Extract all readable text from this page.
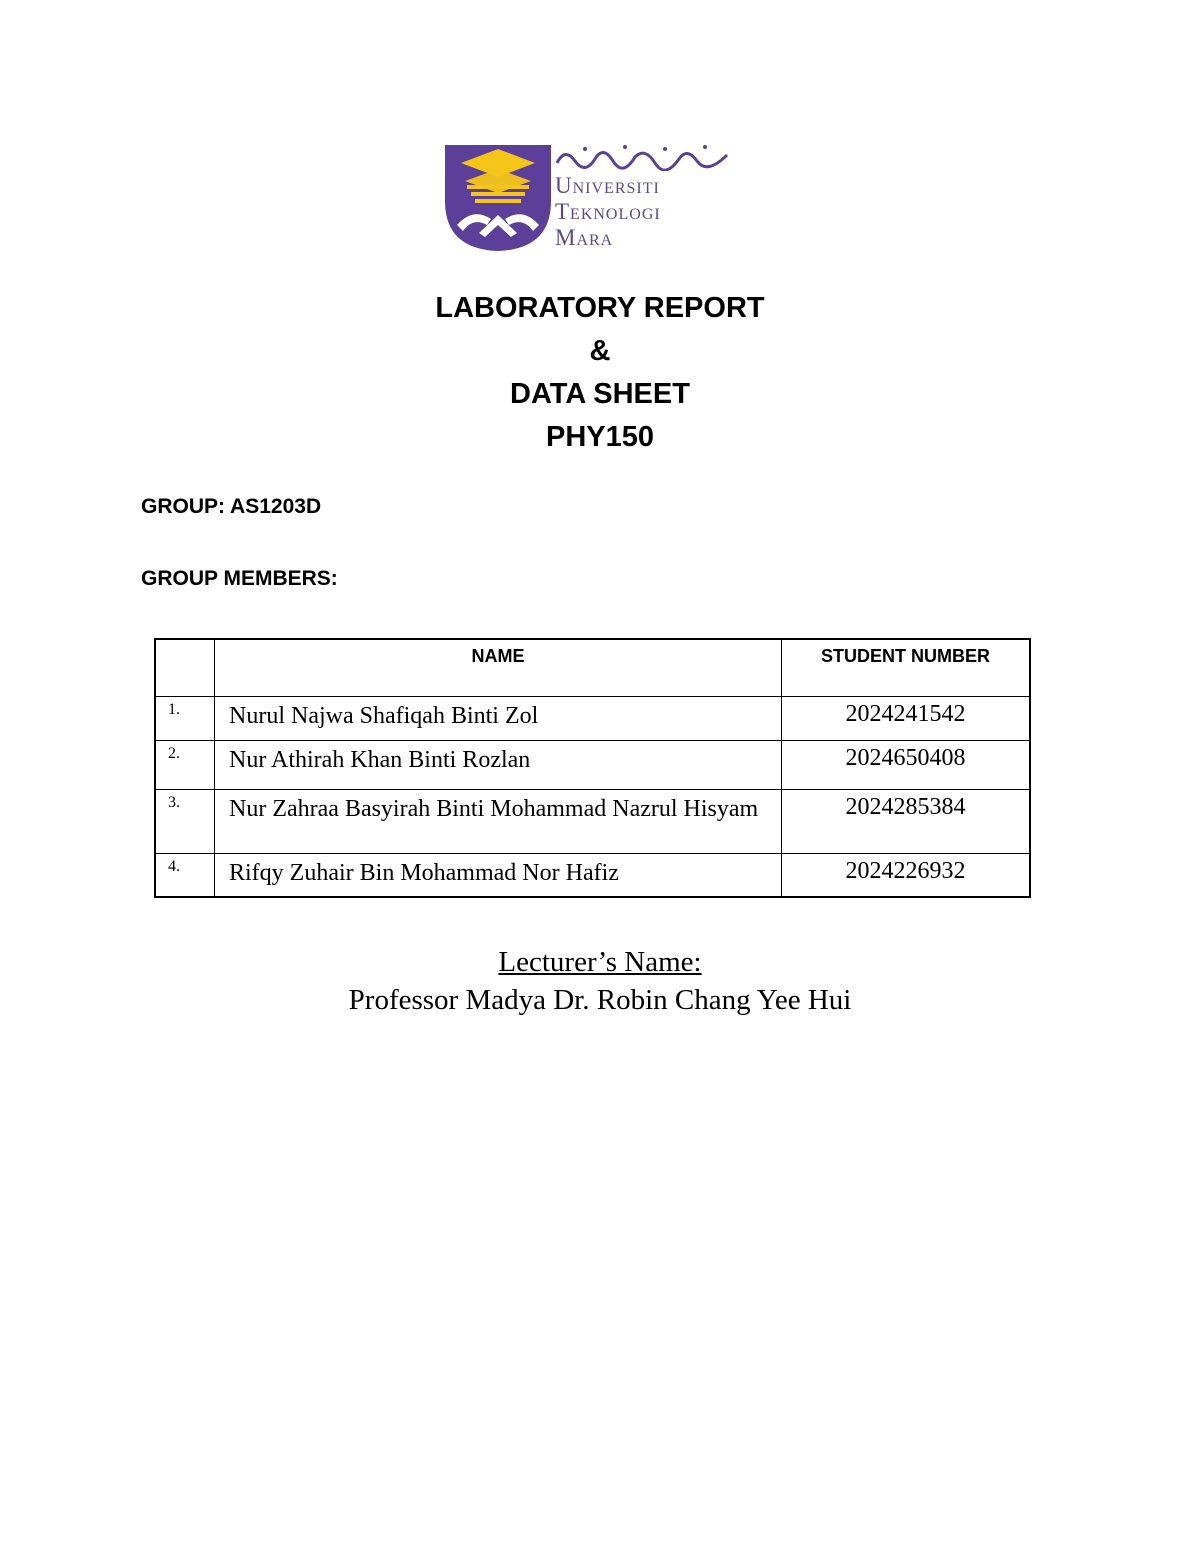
Universiti
Teknologi
Mara

LABORATORY REPORT

&

DATA SHEET

PHY150

GROUP: AS1203D
GROUP MEMBERS:
	NAME	STUDENT NUMBER
1.	Nurul Najwa Shafiqah Binti Zol	2024241542
2.	Nur Athirah Khan Binti Rozlan	2024650408
3.	Nur Zahraa Basyirah Binti Mohammad Nazrul Hisyam	2024285384
4.	Rifqy Zuhair Bin Mohammad Nor Hafiz	2024226932
Lecturer’s Name:
Professor Madya Dr. Robin Chang Yee Hui
